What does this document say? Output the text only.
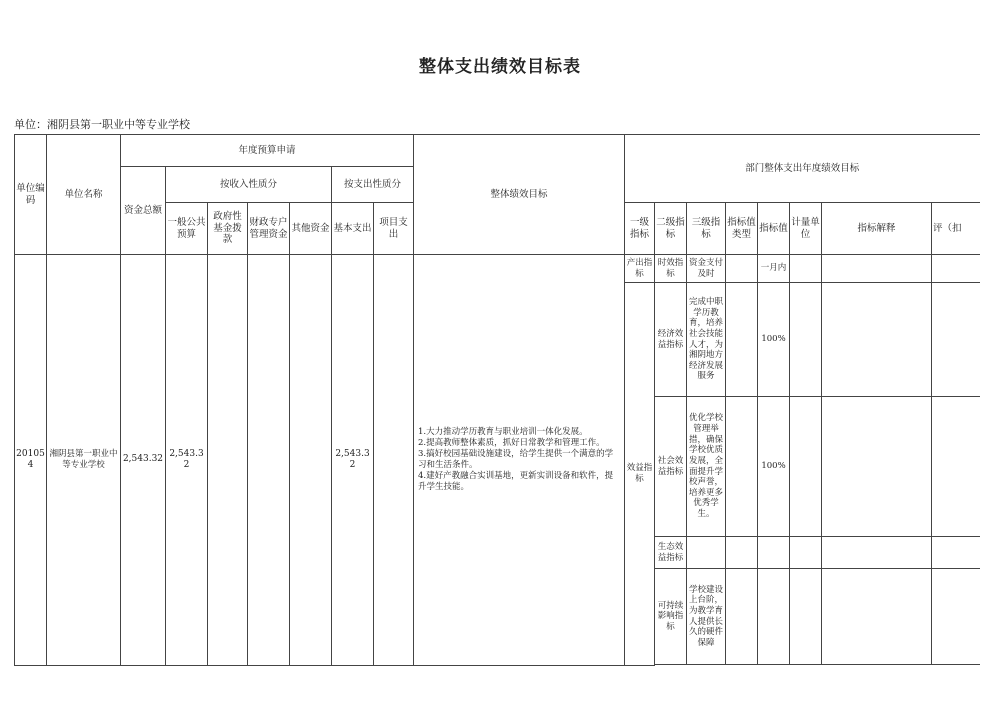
整体支出绩效目标表
单位：湘阴县第一职业中等专业学校
单位编码	单位名称	年度预算申请							整体绩效目标	部门整体支出年度绩效目标							
		资金总额	按收入性质分				按支出性质分										
			一般公共预算	政府性基金拨款	财政专户管理资金	其他资金	基本支出	项目支出		一级指标	二级指标	三级指标	指标值类型	指标值	计量单位	指标解释	评（扣
201054	湘阴县第一职业中等专业学校	2,543.32	2,543.32				2,543.32		1.大力推动学历教育与职业培训一体化发展。
2.提高教师整体素质，抓好日常教学和管理工作。
3.搞好校园基础设施建设，给学生提供一个满意的学习和生活条件。
4.建好产教融合实训基地，更新实训设备和软件，提升学生技能。	产出指标	时效指标	资金支付及时		一月内			
										效益指标	经济效益指标	完成中职学历教育，培养社会技能人才，为湘阴地方经济发展服务		100%			
											社会效益指标	优化学校管理举措，确保学校优质发展，全面提升学校声誉，培养更多优秀学生。		100%			
											生态效益指标						
											可持续影响指标	学校建设上台阶，为教学育人提供长久的硬件保障					
